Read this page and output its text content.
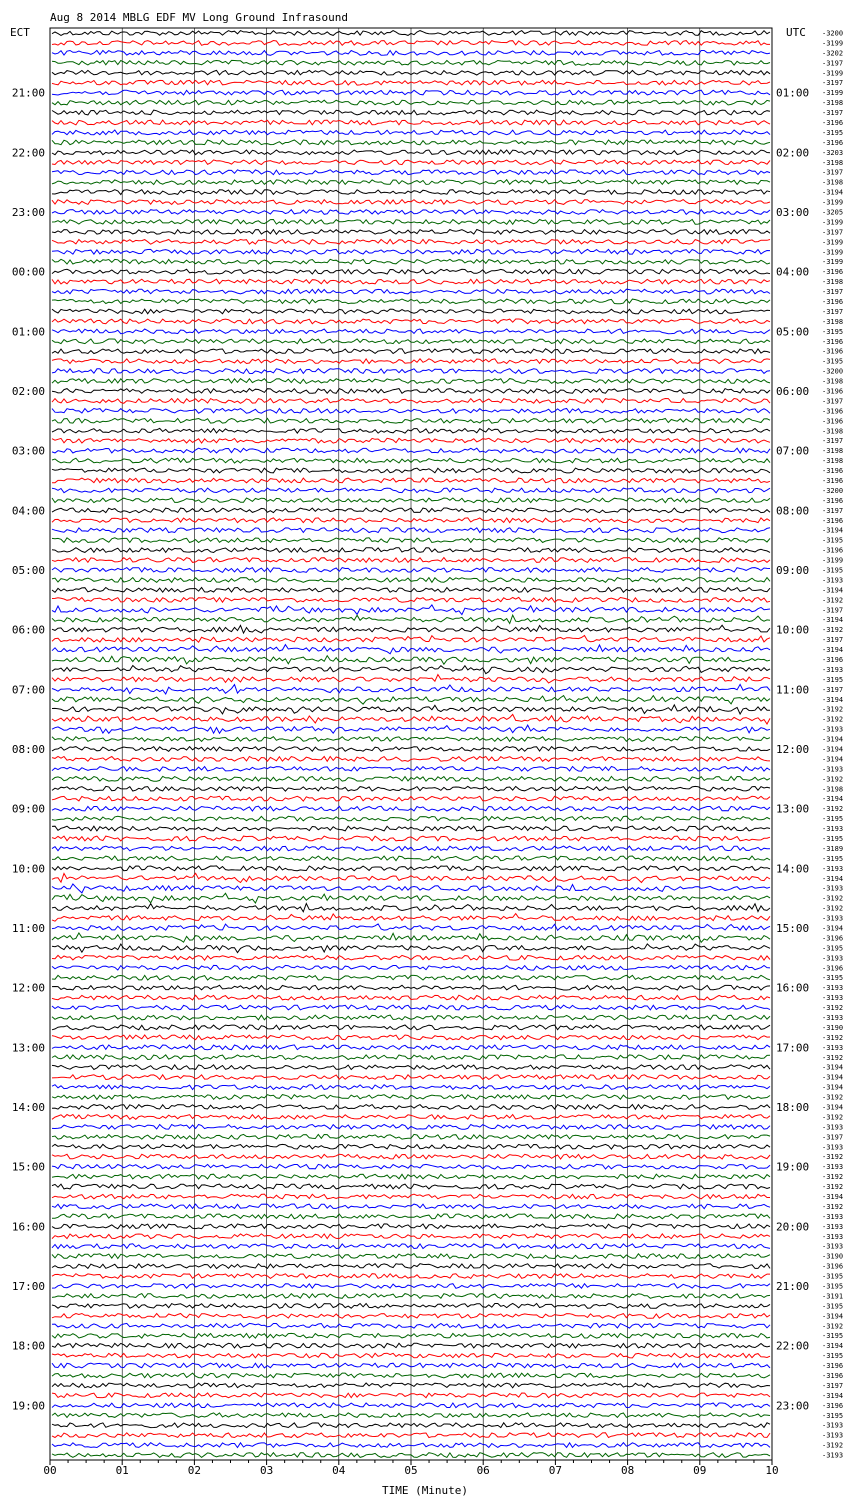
Aug 8 2014 MBLG EDF MV Long Ground Infrasound
ECT	UTC
21:00
22:00
23:00
00:00
01:00
02:00
03:00
04:00
05:00
06:00
07:00
08:00
09:00
10:00
11:00
12:00
13:00
14:00
15:00
16:00
17:00
18:00
19:00
01:00
02:00
03:00
04:00
05:00
06:00
07:00
08:00
09:00
10:00
11:00
12:00
13:00
14:00
15:00
16:00
17:00
18:00
19:00
20:00
21:00
22:00
23:00
-3200
-3199
-3202
-3197
-3199
-3197
-3199
-3198
-3197
-3196
-3195
-3196
-3203
-3198
-3197
-3198
-3194
-3199
-3205
-3199
-3197
-3199
-3199
-3199
-3196
-3198
-3197
-3196
-3197
-3198
-3195
-3196
-3196
-3195
-3200
-3198
-3196
-3197
-3196
-3196
-3198
-3197
-3198
-3198
-3196
-3196
-3200
-3196
-3197
-3196
-3194
-3195
-3196
-3199
-3195
-3193
-3194
-3192
-3197
-3194
-3192
-3197
-3194
-3196
-3193
-3195
-3197
-3194
-3192
-3192
-3193
-3194
-3194
-3194
-3193
-3192
-3198
-3194
-3192
-3195
-3193
-3195
-3189
-3195
-3193
-3194
-3193
-3192
-3192
-3193
-3194
-3196
-3195
-3193
-3196
-3195
-3193
-3193
-3192
-3193
-3190
-3192
-3193
-3192
-3194
-3194
-3194
-3192
-3194
-3192
-3193
-3197
-3193
-3192
-3193
-3192
-3192
-3194
-3192
-3193
-3193
-3193
-3193
-3190
-3196
-3195
-3195
-3191
-3195
-3194
-3192
-3195
-3194
-3195
-3196
-3196
-3197
-3194
-3196
-3195
-3193
-3193
-3192
-3193
00	01	02	03	04	05	06	07	08	09	10
TIME (Minute)
